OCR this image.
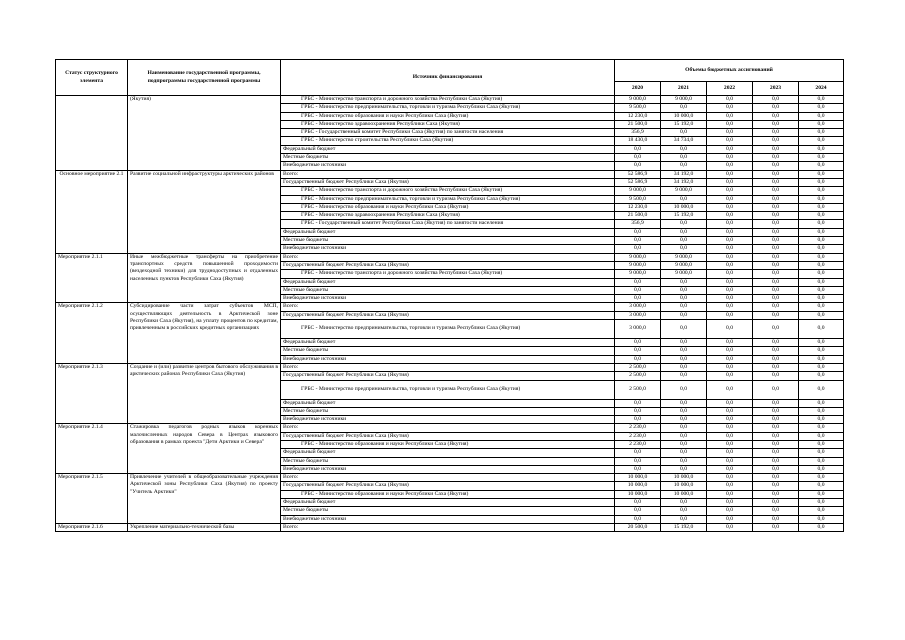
Статус структурного элемента	Наименование государственной программы, подпрограммы государственной программы	Источник финансирования	Объемы бюджетных ассигнований				
			2020	2021	2022	2023	2024
	(Якутия)	ГРБС - Министерство транспорта и дорожного хозяйства Республики Саха (Якутия)	9 000,0	9 000,0	0,0	0,0	0,0
		ГРБС - Министерство предпринимательства, торговли и туризма Республики Саха (Якутия)	9 500,0	0,0	0,0	0,0	0,0
		ГРБС - Министерство образования и науки Республики Саха (Якутия)	12 230,0	10 000,0	0,0	0,0	0,0
		ГРБС - Министерство здравоохранения Республики Саха (Якутия)	21 500,0	15 192,0	0,0	0,0	0,0
		ГРБС - Государственный комитет Республики Саха (Якутия) по занятости населения	356,9	0,0	0,0	0,0	0,0
		ГРБС - Министерство строительства Республики Саха (Якутия)	18 430,0	34 734,0	0,0	0,0	0,0
		Федеральный бюджет	0,0	0,0	0,0	0,0	0,0
		Местные бюджеты	0,0	0,0	0,0	0,0	0,0
		Внебюджетные источники	0,0	0,0	0,0	0,0	0,0
Основное мероприятие 2.1	Развитие социальной инфраструктуры арктических районов	Всего:	52 586,9	34 192,0	0,0	0,0	0,0
		Государственный бюджет Республики Саха (Якутия)	52 586,9	34 192,0	0,0	0,0	0,0
		ГРБС - Министерство транспорта и дорожного хозяйства Республики Саха (Якутия)	9 000,0	9 000,0	0,0	0,0	0,0
		ГРБС - Министерство предпринимательства, торговли и туризма Республики Саха (Якутия)	9 500,0	0,0	0,0	0,0	0,0
		ГРБС - Министерство образования и науки Республики Саха (Якутия)	12 230,0	10 000,0	0,0	0,0	0,0
		ГРБС - Министерство здравоохранения Республики Саха (Якутия)	21 500,0	15 192,0	0,0	0,0	0,0
		ГРБС - Государственный комитет Республики Саха (Якутия) по занятости населения	356,9	0,0	0,0	0,0	0,0
		Федеральный бюджет	0,0	0,0	0,0	0,0	0,0
		Местные бюджеты	0,0	0,0	0,0	0,0	0,0
		Внебюджетные источники	0,0	0,0	0,0	0,0	0,0
Мероприятие 2.1.1	Иные межбюджетные трансферты на приобретение транспортных средств повышенной проходимости (вездеходной техники) для труднодоступных и отдаленных населенных пунктов Республики Саха (Якутия)	Всего:	9 000,0	9 000,0	0,0	0,0	0,0
		Государственный бюджет Республики Саха (Якутия)	9 000,0	9 000,0	0,0	0,0	0,0
		ГРБС - Министерство транспорта и дорожного хозяйства Республики Саха (Якутия)	9 000,0	9 000,0	0,0	0,0	0,0
		Федеральный бюджет	0,0	0,0	0,0	0,0	0,0
		Местные бюджеты	0,0	0,0	0,0	0,0	0,0
		Внебюджетные источники	0,0	0,0	0,0	0,0	0,0
Мероприятие 2.1.2	Субсидирование части затрат субъектов МСП, осуществляющих деятельность в Арктической зоне Республики Саха (Якутия), на уплату процентов по кредитам, привлеченным в российских кредитных организациях	Всего:	3 000,0	0,0	0,0	0,0	0,0
		Государственный бюджет Республики Саха (Якутия)	3 000,0	0,0	0,0	0,0	0,0
		ГРБС - Министерство предпринимательства, торговли и туризма Республики Саха (Якутия)	3 000,0	0,0	0,0	0,0	0,0
		Федеральный бюджет	0,0	0,0	0,0	0,0	0,0
		Местные бюджеты	0,0	0,0	0,0	0,0	0,0
		Внебюджетные источники	0,0	0,0	0,0	0,0	0,0
Мероприятие 2.1.3	Создание и (или) развитие центров бытового обслуживания в арктических районах Республики Саха (Якутия)	Всего:	2 500,0	0,0	0,0	0,0	0,0
		Государственный бюджет Республики Саха (Якутия)	2 500,0	0,0	0,0	0,0	0,0
		ГРБС - Министерство предпринимательства, торговли и туризма Республики Саха (Якутия)	2 500,0	0,0	0,0	0,0	0,0
		Федеральный бюджет	0,0	0,0	0,0	0,0	0,0
		Местные бюджеты	0,0	0,0	0,0	0,0	0,0
		Внебюджетные источники	0,0	0,0	0,0	0,0	0,0
Мероприятие 2.1.4	Стажировка педагогов родных языков коренных малочисленных народов Севера в Центрах языкового образования в рамках проекта "Дети Арктики и Севера"	Всего:	2 230,0	0,0	0,0	0,0	0,0
		Государственный бюджет Республики Саха (Якутия)	2 230,0	0,0	0,0	0,0	0,0
		ГРБС - Министерство образования и науки Республики Саха (Якутия)	2 230,0	0,0	0,0	0,0	0,0
		Федеральный бюджет	0,0	0,0	0,0	0,0	0,0
		Местные бюджеты	0,0	0,0	0,0	0,0	0,0
		Внебюджетные источники	0,0	0,0	0,0	0,0	0,0
Мероприятие 2.1.5	Привлечение учителей в общеобразовательные учреждения Арктической зоны Республики Саха (Якутия) по проекту "Учитель Арктики"	Всего:	10 000,0	10 000,0	0,0	0,0	0,0
		Государственный бюджет Республики Саха (Якутия)	10 000,0	10 000,0	0,0	0,0	0,0
		ГРБС - Министерство образования и науки Республики Саха (Якутия)	10 000,0	10 000,0	0,0	0,0	0,0
		Федеральный бюджет	0,0	0,0	0,0	0,0	0,0
		Местные бюджеты	0,0	0,0	0,0	0,0	0,0
		Внебюджетные источники	0,0	0,0	0,0	0,0	0,0
Мероприятие 2.1.6	Укрепление материально-технической базы	Всего:	20 500,0	15 192,0	0,0	0,0	0,0
